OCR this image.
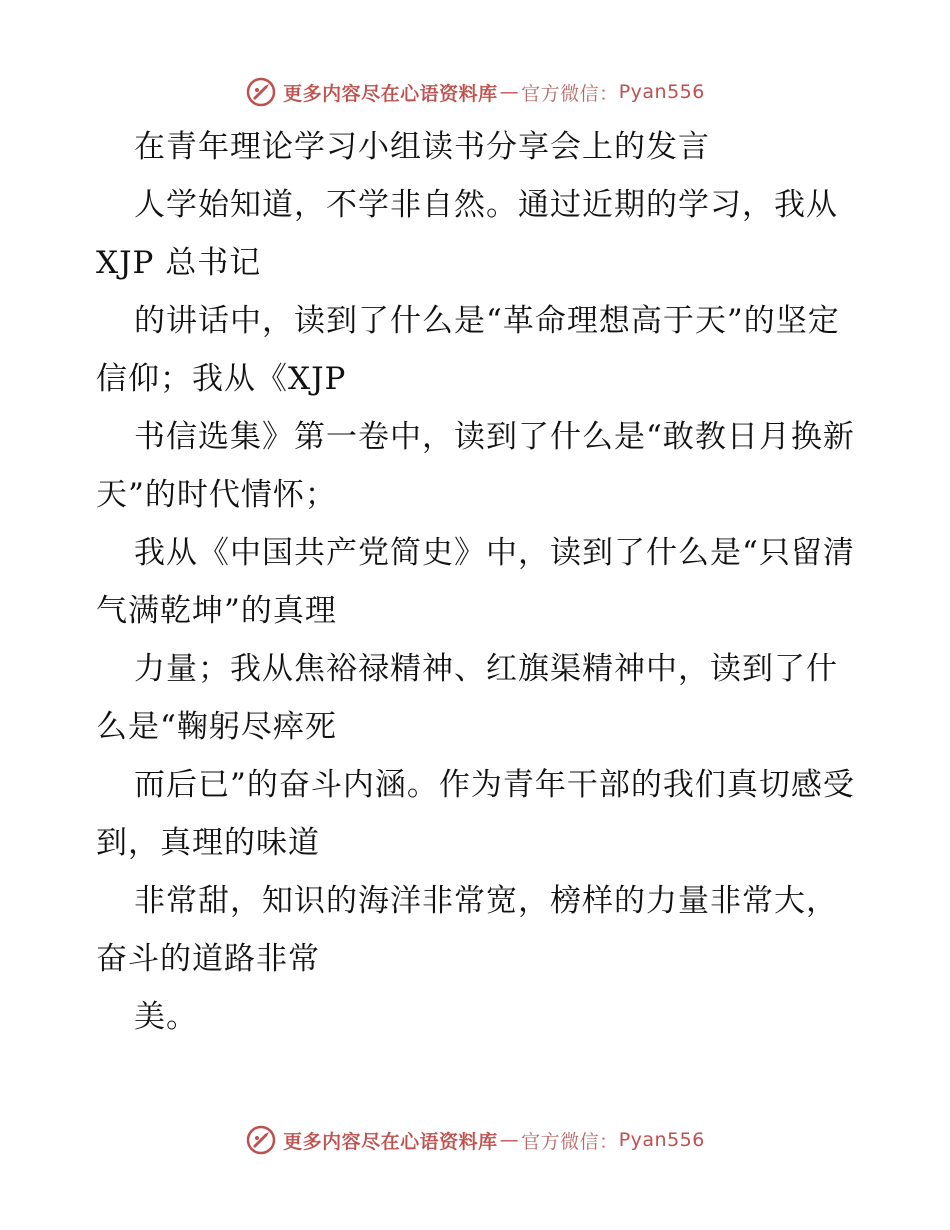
更多内容尽在心语资料库 — 官方微信： Pyan556

在青年理论学习小组读书分享会上的发言

人学始知道，不学非自然。通过近期的学习，我从 XJP 总书记

的讲话中，读到了什么是“革命理想高于天”的坚定信仰；我从《XJP

书信选集》第一卷中，读到了什么是“敢教日月换新天”的时代情怀；

我从《中国共产党简史》中，读到了什么是“只留清气满乾坤”的真理

力量；我从焦裕禄精神、红旗渠精神中，读到了什么是“鞠躬尽瘁死

而后已”的奋斗内涵。作为青年干部的我们真切感受到，真理的味道

非常甜，知识的海洋非常宽，榜样的力量非常大，奋斗的道路非常

美。

更多内容尽在心语资料库 — 官方微信： Pyan556
